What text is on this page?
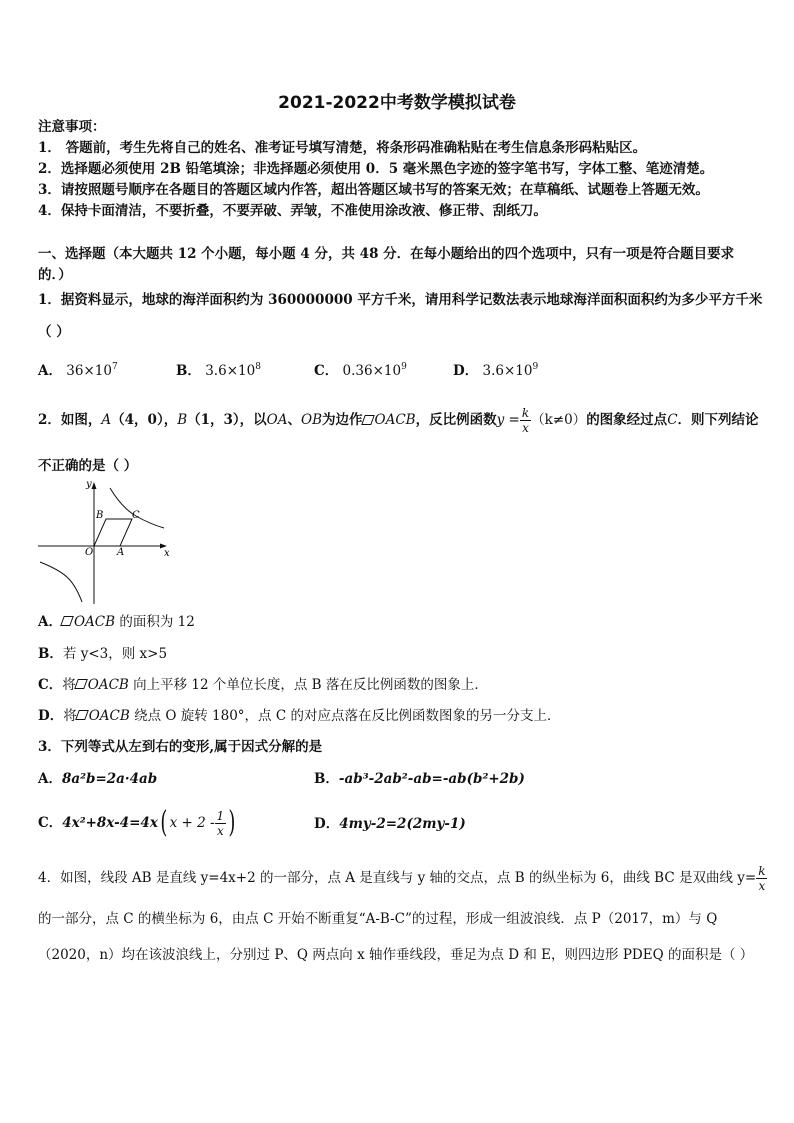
2021-2022中考数学模拟试卷
注意事项：
1． 答题前，考生先将自己的姓名、准考证号填写清楚，将条形码准确粘贴在考生信息条形码粘贴区。
2．选择题必须使用 2B 铅笔填涂；非选择题必须使用 0．5 毫米黑色字迹的签字笔书写，字体工整、笔迹清楚。
3．请按照题号顺序在各题目的答题区域内作答，超出答题区域书写的答案无效；在草稿纸、试题卷上答题无效。
4．保持卡面清洁，不要折叠，不要弄破、弄皱，不准使用涂改液、修正带、刮纸刀。
一、选择题（本大题共 12 个小题，每小题 4 分，共 48 分．在每小题给出的四个选项中，只有一项是符合题目要求
的．）
1．据资料显示，地球的海洋面积约为 360000000 平方千米，请用科学记数法表示地球海洋面积面积约为多少平方千米
（ ）
A． $36\times 10^7$	B． $3.6\times 10^8$	C． $0.36\times 10^9$	D． $3.6\times 10^9$
2．如图， A （4，0）， B （1，3），以 OA 、 OB 为边作 OACB ，反比例函数 $y = \frac{k}{x} (k\ne 0)$ 的图象经过点 C ．则下列结论
不正确的是（ ）
y
x
O A
B	C
A． OACB 的面积为 12
B．若 y<3，则 x>5
C．将 OACB 向上平移 12 个单位长度，点 B 落在反比例函数的图象上．
D．将 OACB 绕点 O 旋转 180°，点 C 的对应点落在反比例函数图象的另一分支上．
3．下列等式从左到右的变形,属于因式分解的是
A．8a²b=2a·4ab	B．-ab³-2ab²-ab=-ab(b²+2b)
C． 4x²+8x-4=4x ( $x + 2 - \frac{1}{x}$ )	D．4my-2=2(2my-1)
4．如图，线段 AB 是直线 y=4x+2 的一部分，点 A 是直线与 y 轴的交点，点 B 的纵坐标为 6，曲线 BC 是双曲线 $y= \frac{k}{x}$
的一部分，点 C 的横坐标为 6，由点 C 开始不断重复“A-B-C”的过程，形成一组波浪线．点 P（2017，m）与 Q
（2020，n）均在该波浪线上，分别过 P、Q 两点向 x 轴作垂线段，垂足为点 D 和 E，则四边形 PDEQ 的面积是（ ）
